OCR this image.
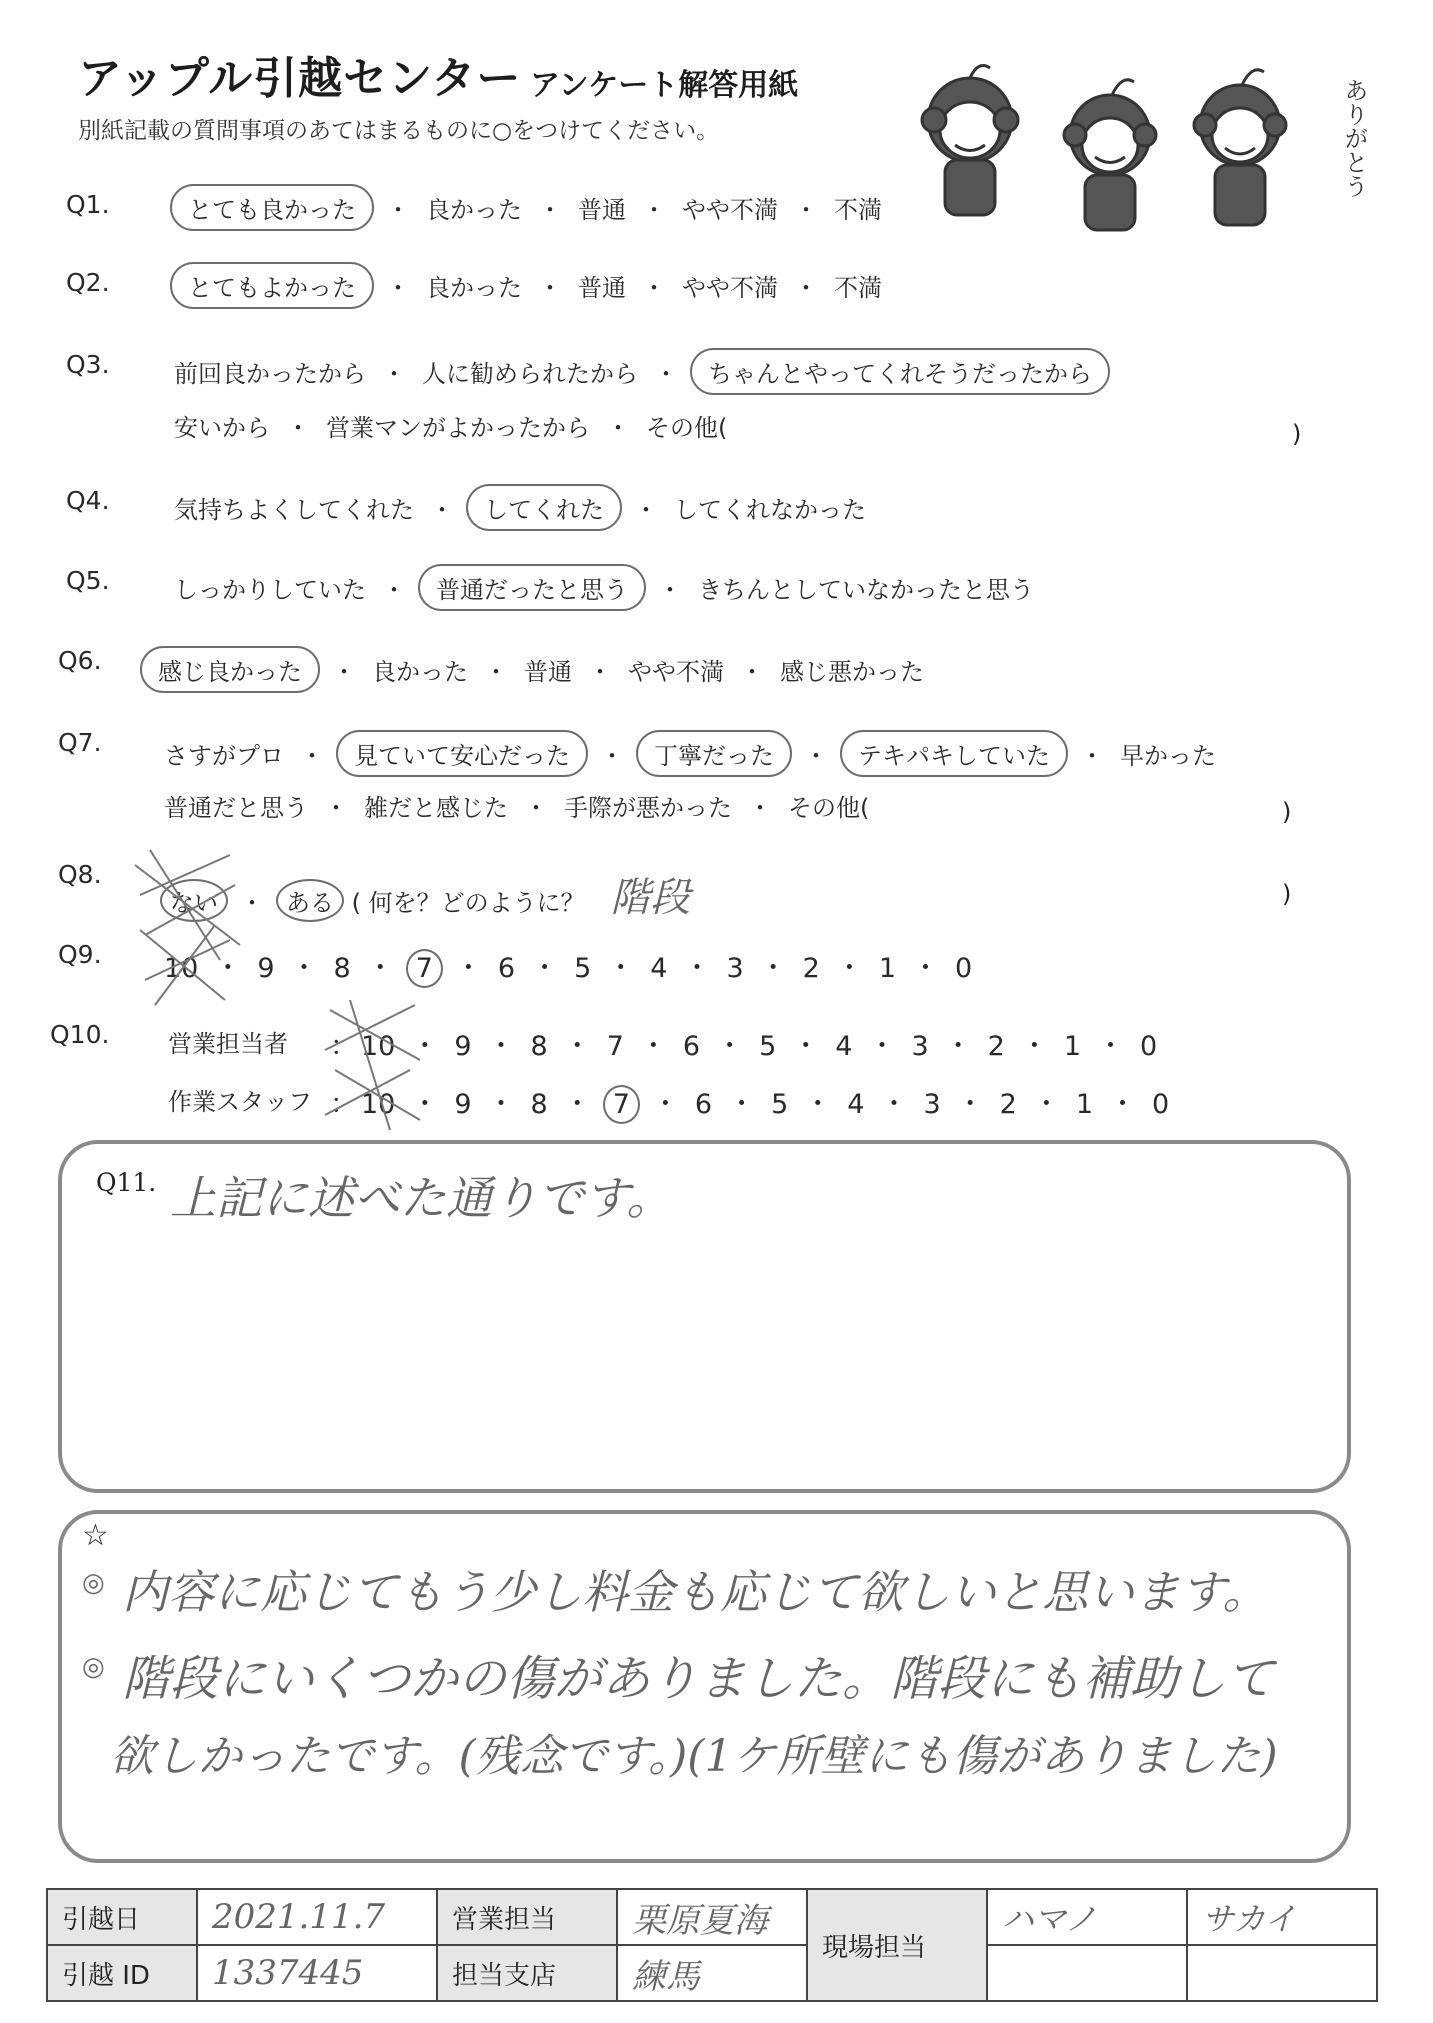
アップル引越センター アンケート解答用紙
別紙記載の質問事項のあてはまるものに○をつけてください。	ありがとう
Q1.	とても良かった ・ 良かった ・ 普通 ・ やや不満 ・ 不満
Q2.	とてもよかった ・ 良かった ・ 普通 ・ やや不満 ・ 不満
Q3.	前回良かったから ・ 人に勧められたから ・ ちゃんとやってくれそうだったから
安いから ・ 営業マンがよかったから ・ その他(	)
Q4.	気持ちよくしてくれた ・ してくれた ・ してくれなかった
Q5.	しっかりしていた ・ 普通だったと思う ・ きちんとしていなかったと思う
Q6.	感じ良かった ・ 良かった ・ 普通 ・ やや不満 ・ 感じ悪かった
Q7.	さすがプロ ・ 見ていて安心だった ・ 丁寧だった ・ テキパキしていた ・ 早かった
普通だと思う ・ 雑だと感じた ・ 手際が悪かった ・ その他(	)
Q8.
ない ・ ある ( 何を？どのように？ 階段	)
Q9. 10 ・ 9 ・ 8 ・ 7 ・ 6 ・ 5 ・ 4 ・ 3 ・ 2 ・ 1 ・ 0
Q10. 営業担当者 ： 10 ・ 9 ・ 8 ・ 7 ・ 6 ・ 5 ・ 4 ・ 3 ・ 2 ・ 1 ・ 0
作業スタッフ ： 10 ・ 9 ・ 8 ・ 7 ・ 6 ・ 5 ・ 4 ・ 3 ・ 2 ・ 1 ・ 0
Q11. 上記に述べた通りです。
☆
◎ 内容に応じてもう少し料金も応じて欲しいと思います。
◎ 階段にいくつかの傷がありました。階段にも補助して
欲しかったです。(残念です。)(1ケ所壁にも傷がありました)
引越日	2021.11.7	営業担当	栗原夏海	現場担当	ハマノ	サカイ
引越 ID	1337445	担当支店	練馬			
